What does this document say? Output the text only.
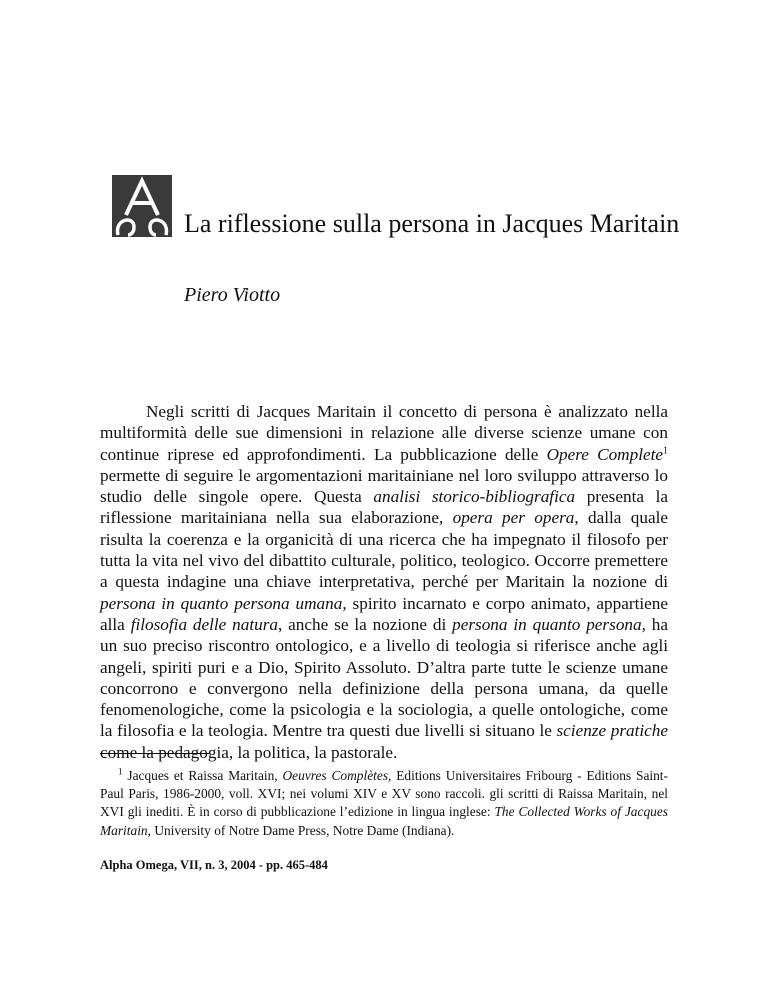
La riflessione sulla persona in Jacques Maritain

Piero Viotto

Negli scritti di Jacques Maritain il concetto di persona è analizzato nella multiformità delle sue dimensioni in relazione alle diverse scienze umane con continue riprese ed approfondimenti. La pubblicazione delle Opere Complete$^1$ permette di seguire le argomentazioni maritainiane nel loro sviluppo attraverso lo studio delle singole opere. Questa analisi storico-bibliografica presenta la riflessione maritainiana nella sua elaborazione, opera per opera, dalla quale risulta la coerenza e la organicità di una ricerca che ha impegnato il filosofo per tutta la vita nel vivo del dibattito culturale, politico, teologico. Occorre premettere a questa indagine una chiave interpretativa, perché per Maritain la nozione di persona in quanto persona umana, spirito incarnato e corpo animato, appartiene alla filosofia delle natura, anche se la nozione di persona in quanto persona, ha un suo preciso riscontro ontologico, e a livello di teologia si riferisce anche agli angeli, spiriti puri e a Dio, Spirito Assoluto. D’altra parte tutte le scienze umane concorrono e convergono nella definizione della persona umana, da quelle fenomenologiche, come la psicologia e la sociologia, a quelle ontologiche, come la filosofia e la teologia. Mentre tra questi due livelli si situano le scienze pratiche come la pedagogia, la politica, la pastorale.

$^1$ Jacques et Raissa Maritain, Oeuvres Complètes, Editions Universitaires Fribourg - Editions Saint-Paul Paris, 1986-2000, voll. XVI; nei volumi XIV e XV sono raccoli. gli scritti di Raissa Maritain, nel XVI gli inediti. È in corso di pubblicazione l’edizione in lingua inglese: The Collected Works of Jacques Maritain, University of Notre Dame Press, Notre Dame (Indiana).

Alpha Omega, VII, n. 3, 2004 - pp. 465-484
